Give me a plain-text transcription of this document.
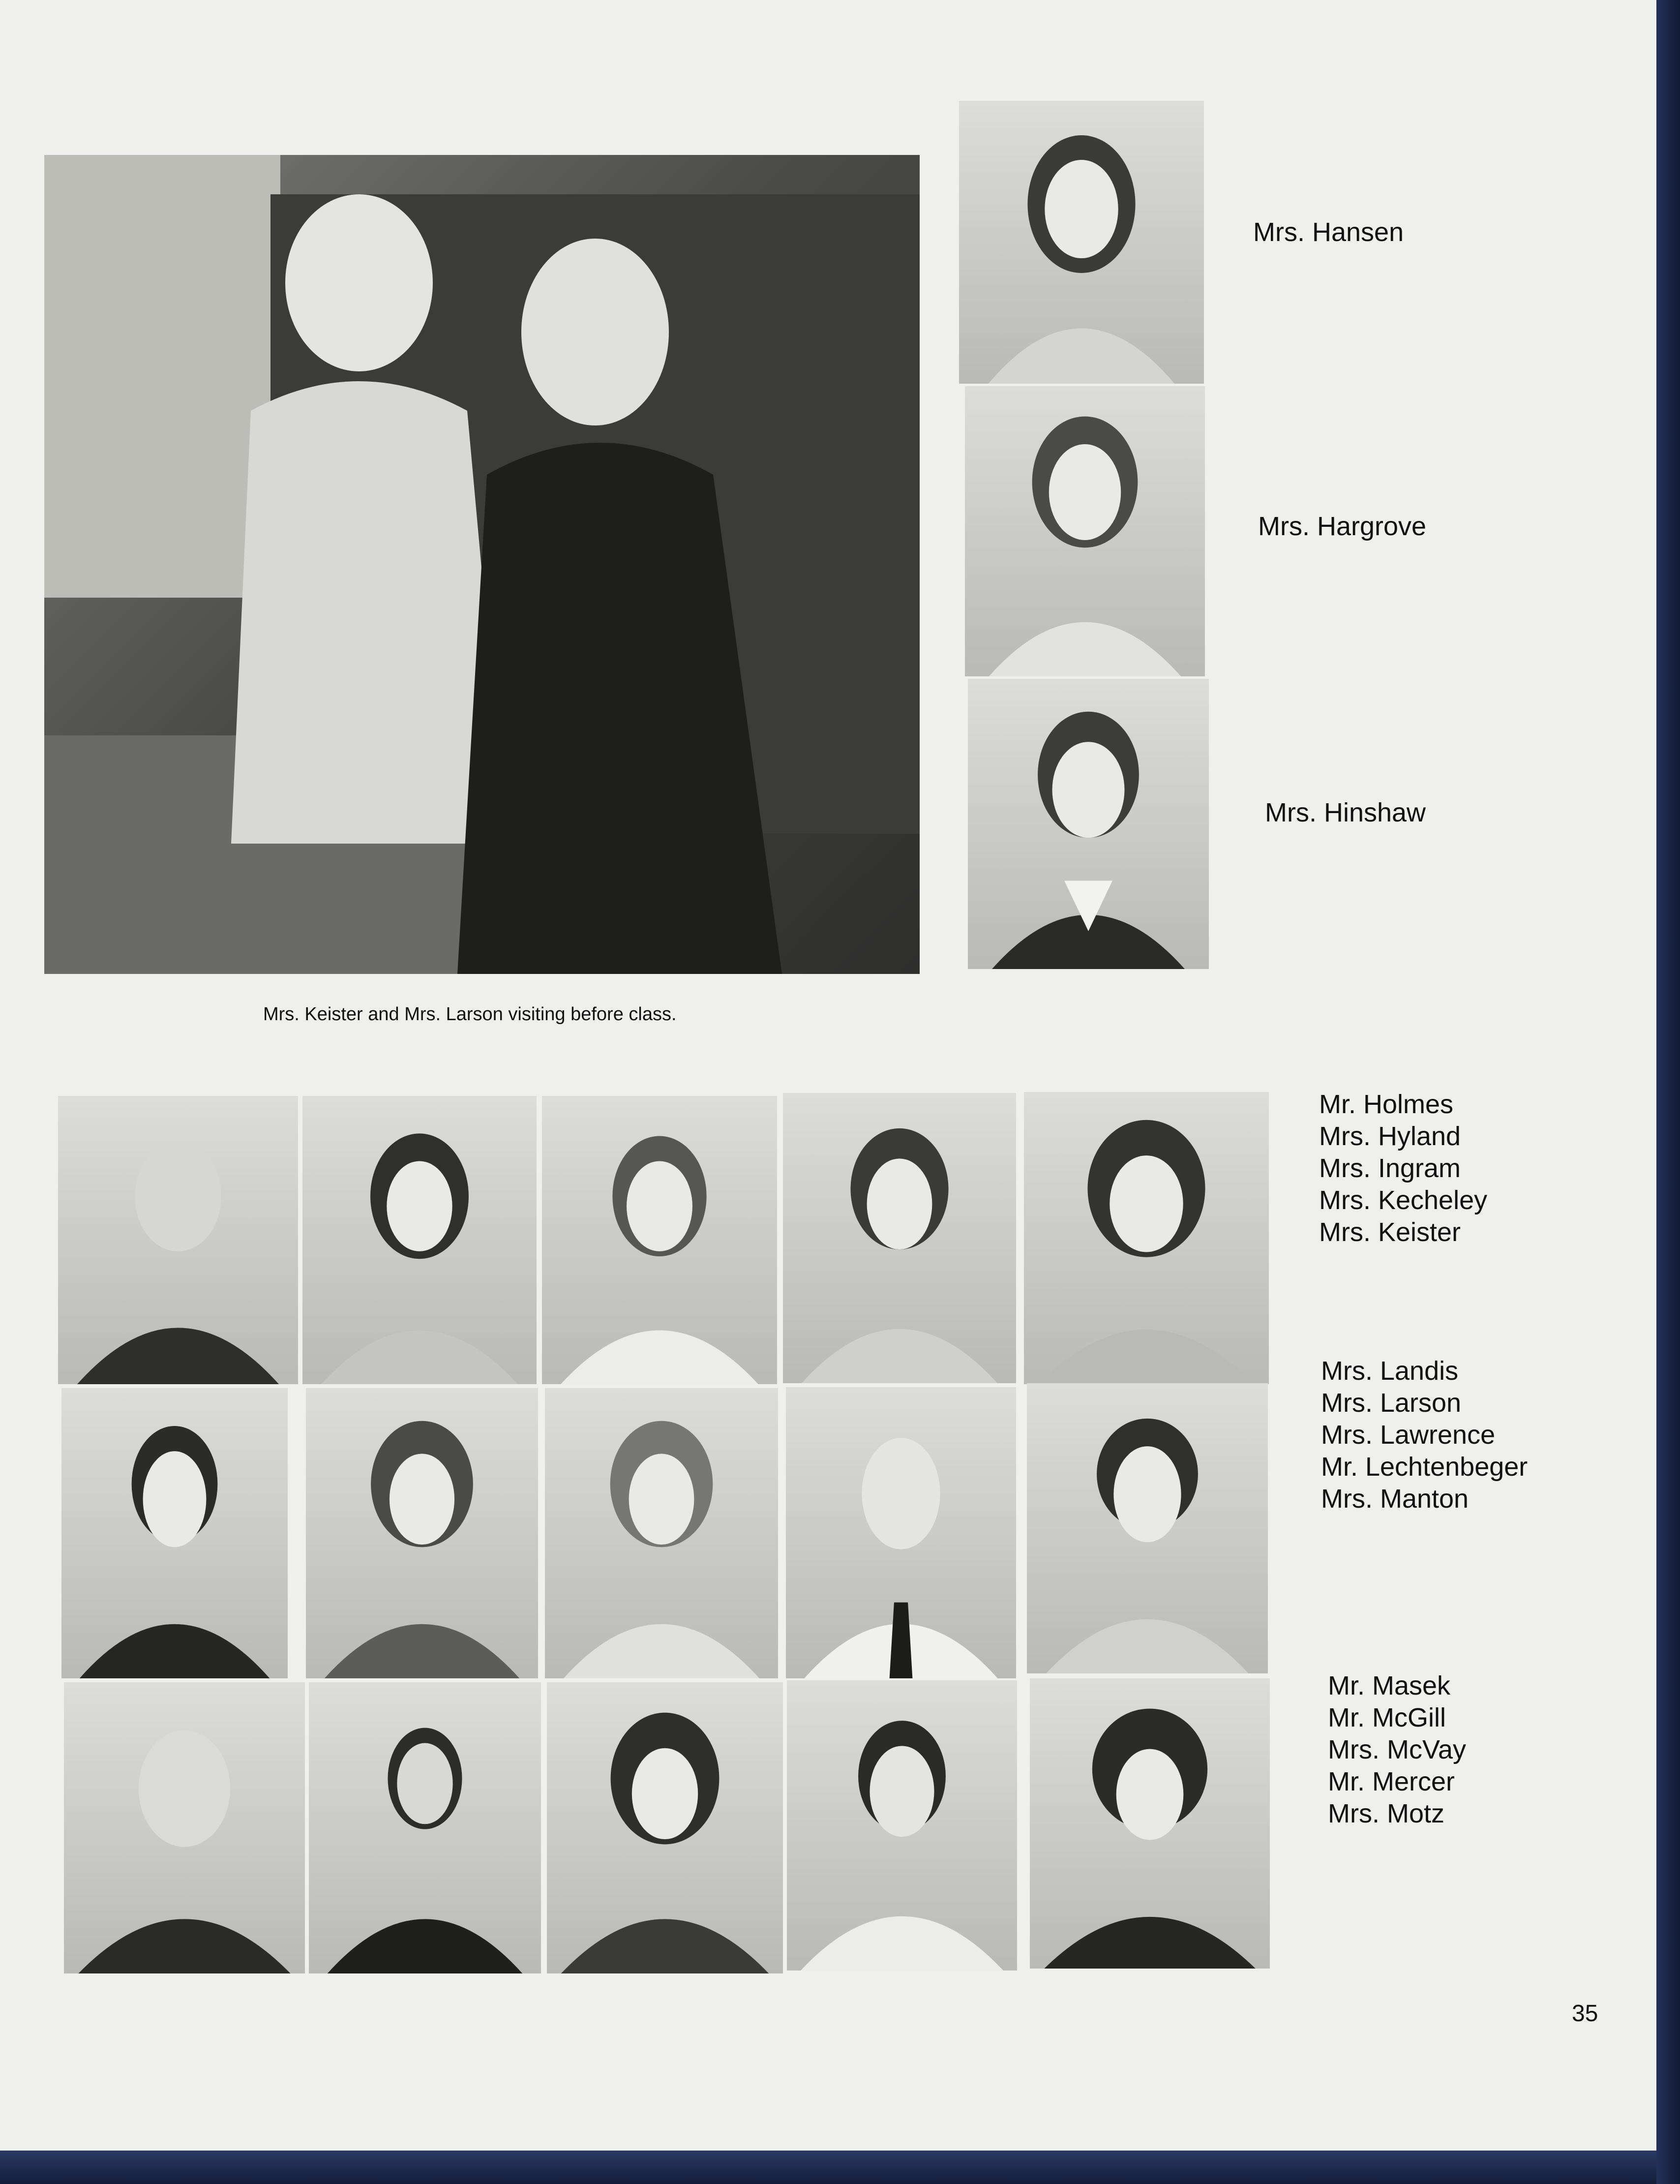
Mrs. Keister and Mrs. Larson visiting before class.
Mrs. Hansen
Mrs. Hargrove
Mrs. Hinshaw
Mr. Holmes
Mrs. Hyland
Mrs. Ingram
Mrs. Kecheley
Mrs. Keister
Mrs. Landis
Mrs. Larson
Mrs. Lawrence
Mr. Lechtenbeger
Mrs. Manton
Mr. Masek
Mr. McGill
Mrs. McVay
Mr. Mercer
Mrs. Motz
35
